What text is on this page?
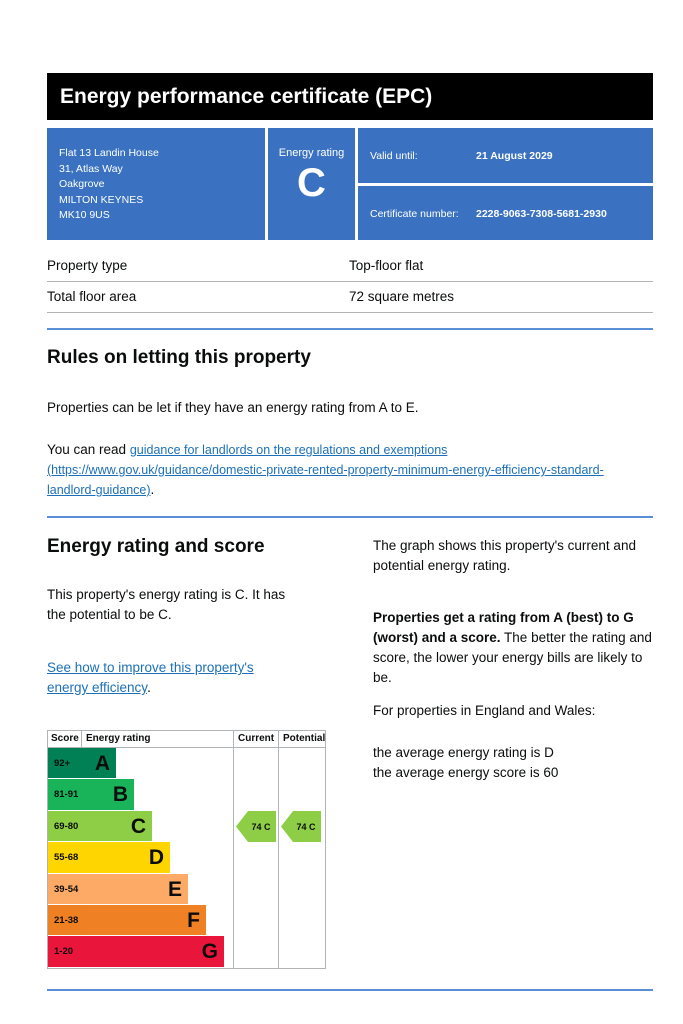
Energy performance certificate (EPC)
Flat 13 Landin House
31, Atlas Way
Oakgrove
MILTON KEYNES
MK10 9US
Energy rating
C
Valid until:	21 August 2029
Certificate number: 2228-9063-7308-5681-2930
Property type	Top-floor flat
Total floor area	72 square metres
Rules on letting this property

Properties can be let if they have an energy rating from A to E.

You can read guidance for landlords on the regulations and exemptions (https://www.gov.uk/guidance/domestic-private-rented-property-minimum-energy-efficiency-standard-landlord-guidance).

Energy rating and score

This property's energy rating is C. It has the potential to be C.

See how to improve this property's energy efficiency.

The graph shows this property's current and potential energy rating.

Properties get a rating from A (best) to G (worst) and a score. The better the rating and score, the lower your energy bills are likely to be.

For properties in England and Wales:

the average energy rating is D

the average energy score is 60

Score Energy rating	Current Potential
92+ A
81-91 B
69-80	C
55-68	D
39-54	E
21-38	F
1-20	G
74 C	74 C
